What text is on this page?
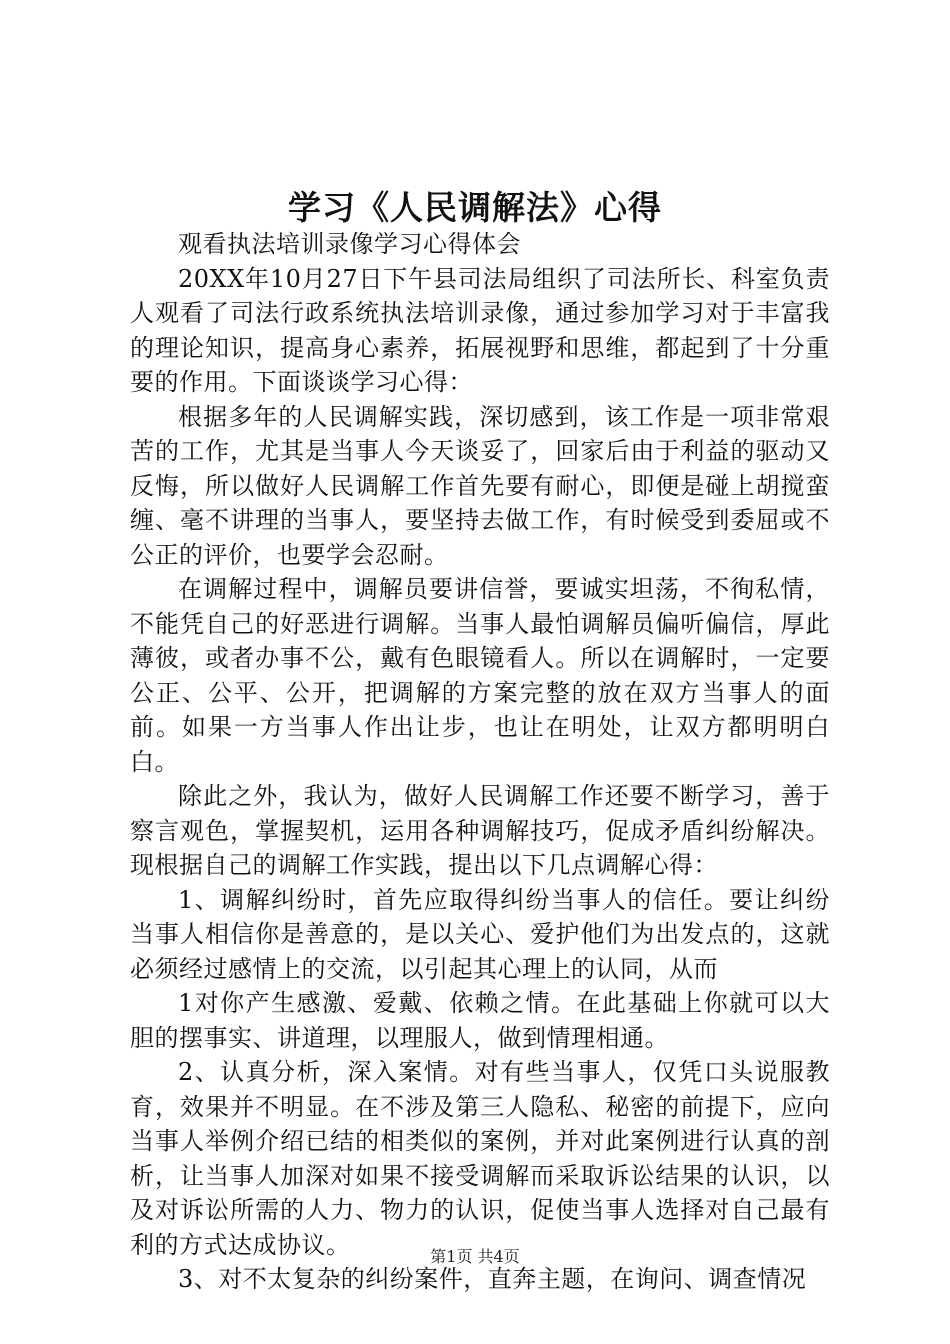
学习《人民调解法》心得

观看执法培训录像学习心得体会

20XX年10月27日下午县司法局组织了司法所长、科室负责人观看了司法行政系统执法培训录像，通过参加学习对于丰富我的理论知识，提高身心素养，拓展视野和思维，都起到了十分重要的作用。下面谈谈学习心得：

根据多年的人民调解实践，深切感到，该工作是一项非常艰苦的工作，尤其是当事人今天谈妥了，回家后由于利益的驱动又反悔，所以做好人民调解工作首先要有耐心，即便是碰上胡搅蛮缠、毫不讲理的当事人，要坚持去做工作，有时候受到委屈或不公正的评价，也要学会忍耐。

在调解过程中，调解员要讲信誉，要诚实坦荡，不徇私情，不能凭自己的好恶进行调解。当事人最怕调解员偏听偏信，厚此薄彼，或者办事不公，戴有色眼镜看人。所以在调解时，一定要公正、公平、公开，把调解的方案完整的放在双方当事人的面前。如果一方当事人作出让步，也让在明处，让双方都明明白白。

除此之外，我认为，做好人民调解工作还要不断学习，善于察言观色，掌握契机，运用各种调解技巧，促成矛盾纠纷解决。现根据自己的调解工作实践，提出以下几点调解心得：

1、调解纠纷时，首先应取得纠纷当事人的信任。要让纠纷当事人相信你是善意的，是以关心、爱护他们为出发点的，这就必须经过感情上的交流，以引起其心理上的认同，从而

1对你产生感激、爱戴、依赖之情。在此基础上你就可以大胆的摆事实、讲道理，以理服人，做到情理相通。

2、认真分析，深入案情。对有些当事人，仅凭口头说服教育，效果并不明显。在不涉及第三人隐私、秘密的前提下，应向当事人举例介绍已结的相类似的案例，并对此案例进行认真的剖析，让当事人加深对如果不接受调解而采取诉讼结果的认识，以及对诉讼所需的人力、物力的认识，促使当事人选择对自己最有利的方式达成协议。

3、对不太复杂的纠纷案件，直奔主题，在询问、调查情况

第1页 共4页
